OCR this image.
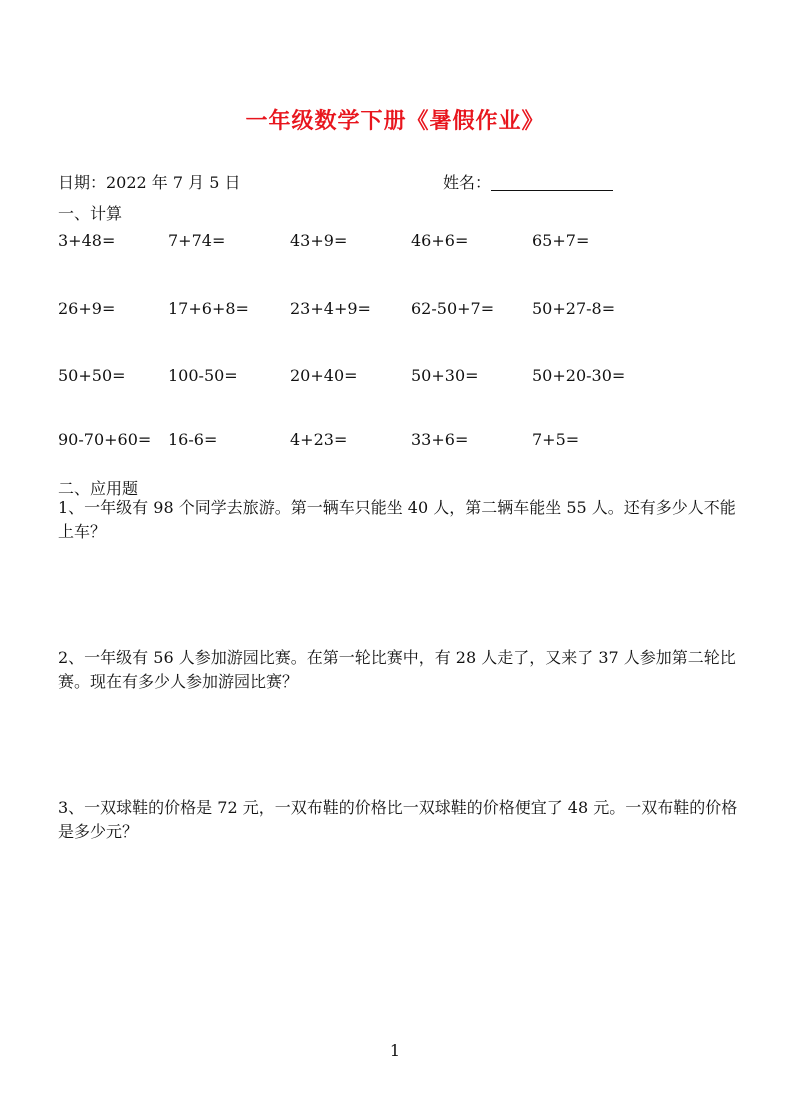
一年级数学下册《暑假作业》
日期：2022 年 7 月 5 日	姓名：
一、计算
3+48=	7+74=	43+9=	46+6=	65+7=
26+9=	17+6+8=	23+4+9=	62-50+7= 50+27-8=
50+50=	100-50=	20+40=	50+30=	50+20-30=
90-70+60= 16-6=	4+23=	33+6=	7+5=
二、应用题
1、一年级有 98 个同学去旅游。第一辆车只能坐 40 人，第二辆车能坐 55 人。还有多少人不能上车？
2、一年级有 56 人参加游园比赛。在第一轮比赛中，有 28 人走了，又来了 37 人参加第二轮比赛。现在有多少人参加游园比赛？
3、一双球鞋的价格是 72 元，一双布鞋的价格比一双球鞋的价格便宜了 48 元。一双布鞋的价格是多少元？
1
